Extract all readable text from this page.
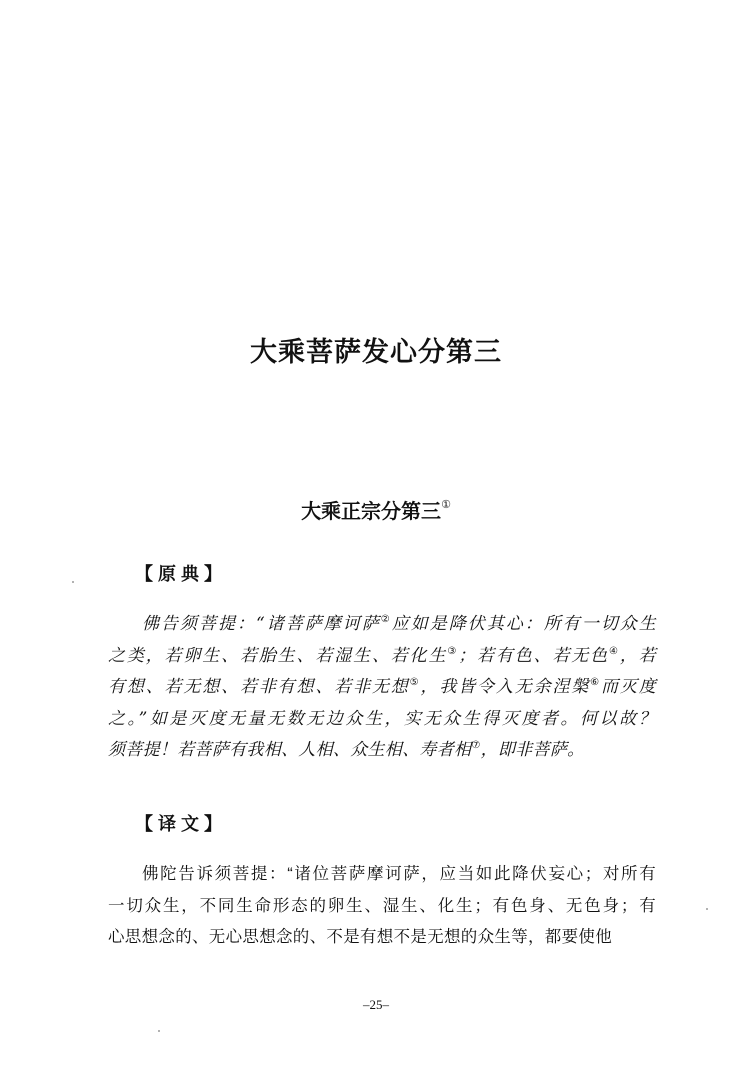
大乘菩萨发心分第三
大乘正宗分第三①
【原典】
佛告须菩提：“诸菩萨摩诃萨②应如是降伏其心：所有一切众生
之类，若卵生、若胎生、若湿生、若化生③；若有色、若无色④，若
有想、若无想、若非有想、若非无想⑤，我皆令入无余涅槃⑥而灭度
之。”如是灭度无量无数无边众生，实无众生得灭度者。何以故？
须菩提！若菩萨有我相、人相、众生相、寿者相⑦，即非菩萨。
【译文】
佛陀告诉须菩提：“诸位菩萨摩诃萨，应当如此降伏妄心；对所有
一切众生，不同生命形态的卵生、湿生、化生；有色身、无色身；有
心思想念的、无心思想念的、不是有想不是无想的众生等，都要使他
–25–
